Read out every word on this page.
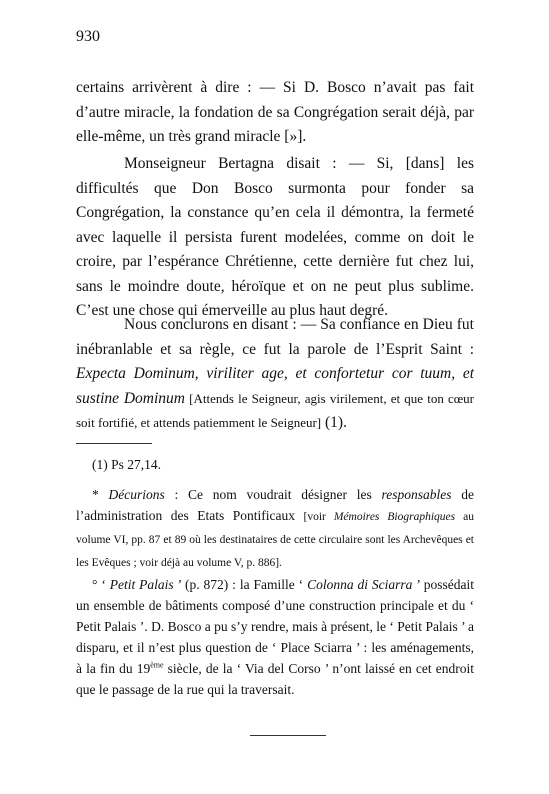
930
certains arrivèrent à dire : — Si D. Bosco n’avait pas fait d’autre miracle, la fondation de sa Congrégation serait déjà, par elle-même, un très grand miracle [»].
Monseigneur Bertagna disait : — Si, [dans] les difficultés que Don Bosco surmonta pour fonder sa Congrégation, la constance qu’en cela il démontra, la fermeté avec laquelle il persista furent modelées, comme on doit le croire, par l’espérance Chrétienne, cette dernière fut chez lui, sans le moindre doute, héroïque et on ne peut plus sublime. C’est une chose qui émerveille au plus haut degré.
Nous conclurons en disant : — Sa confiance en Dieu fut inébranlable et sa règle, ce fut la parole de l’Esprit Saint : Expecta Dominum, viriliter age, et confortetur cor tuum, et sustine Dominum [Attends le Seigneur, agis virilement, et que ton cœur soit fortifié, et attends patiemment le Seigneur] (1).
(1) Ps 27,14.
* Décurions : Ce nom voudrait désigner les responsables de l’administration des Etats Pontificaux [voir Mémoires Biographiques au volume VI, pp. 87 et 89 où les destinataires de cette circulaire sont les Archevêques et les Evêques ; voir déjà au volume V, p. 886].
° ‘ Petit Palais ’ (p. 872) : la Famille ‘ Colonna di Sciarra ’ possédait un ensemble de bâtiments composé d’une construction principale et du ‘ Petit Palais ’. D. Bosco a pu s’y rendre, mais à présent, le ‘ Petit Palais ’ a disparu, et il n’est plus question de ‘ Place Sciarra ’ : les aménagements, à la fin du 19ème siècle, de la ‘ Via del Corso ’ n’ont laissé en cet endroit que le passage de la rue qui la traversait.
